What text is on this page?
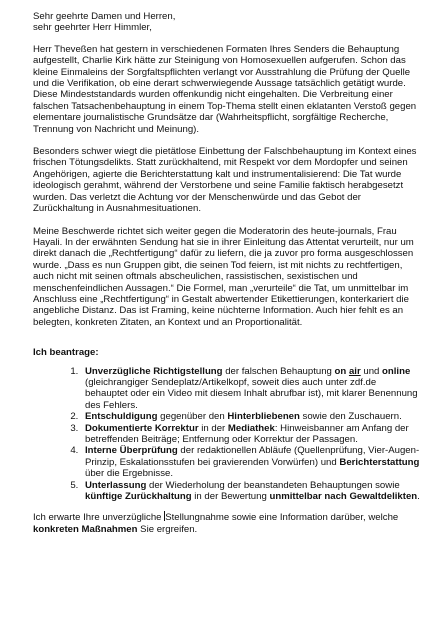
Sehr geehrte Damen und Herren,

sehr geehrter Herr Himmler,

Herr Theveßen hat gestern in verschiedenen Formaten Ihres Senders die Behauptung aufgestellt, Charlie Kirk hätte zur Steinigung von Homosexuellen aufgerufen. Schon das kleine Einmaleins der Sorgfaltspflichten verlangt vor Ausstrahlung die Prüfung der Quelle und die Verifikation, ob eine derart schwerwiegende Aussage tatsächlich getätigt wurde. Diese Mindeststandards wurden offenkundig nicht eingehalten. Die Verbreitung einer falschen Tatsachenbehauptung in einem Top-Thema stellt einen eklatanten Verstoß gegen elementare journalistische Grundsätze dar (Wahrheitspflicht, sorgfältige Recherche, Trennung von Nachricht und Meinung).

Besonders schwer wiegt die pietätlose Einbettung der Falschbehauptung im Kontext eines frischen Tötungsdelikts. Statt zurückhaltend, mit Respekt vor dem Mordopfer und seinen Angehörigen, agierte die Berichterstattung kalt und instrumentalisierend: Die Tat wurde ideologisch gerahmt, während der Verstorbene und seine Familie faktisch herabgesetzt wurden. Das verletzt die Achtung vor der Menschenwürde und das Gebot der Zurückhaltung in Ausnahmesituationen.

Meine Beschwerde richtet sich weiter gegen die Moderatorin des heute-journals, Frau Hayali. In der erwähnten Sendung hat sie in ihrer Einleitung das Attentat verurteilt, nur um direkt danach die „Rechtfertigung“ dafür zu liefern, die ja zuvor pro forma ausgeschlossen wurde. „Dass es nun Gruppen gibt, die seinen Tod feiern, ist mit nichts zu rechtfertigen, auch nicht mit seinen oftmals abscheulichen, rassistischen, sexistischen und menschenfeindlichen Aussagen.“ Die Formel, man „verurteile“ die Tat, um unmittelbar im Anschluss eine „Rechtfertigung“ in Gestalt abwertender Etikettierungen, konterkariert die angebliche Distanz. Das ist Framing, keine nüchterne Information. Auch hier fehlt es an belegten, konkreten Zitaten, an Kontext und an Proportionalität.

Ich beantrage:

1. Unverzügliche Richtigstellung der falschen Behauptung on air und online (gleichrangiger Sendeplatz/Artikelkopf, soweit dies auch unter zdf.de behauptet oder ein Video mit diesem Inhalt abrufbar ist), mit klarer Benennung des Fehlers.
2. Entschuldigung gegenüber den Hinterbliebenen sowie den Zuschauern.
3. Dokumentierte Korrektur in der Mediathek: Hinweisbanner am Anfang der betreffenden Beiträge; Entfernung oder Korrektur der Passagen.
4. Interne Überprüfung der redaktionellen Abläufe (Quellenprüfung, Vier-Augen-Prinzip, Eskalationsstufen bei gravierenden Vorwürfen) und Berichterstattung über die Ergebnisse.
5. Unterlassung der Wiederholung der beanstandeten Behauptungen sowie künftige Zurückhaltung in der Bewertung unmittelbar nach Gewaltdelikten.

Ich erwarte Ihre unverzügliche Stellungnahme sowie eine Information darüber, welche konkreten Maßnahmen Sie ergreifen.
